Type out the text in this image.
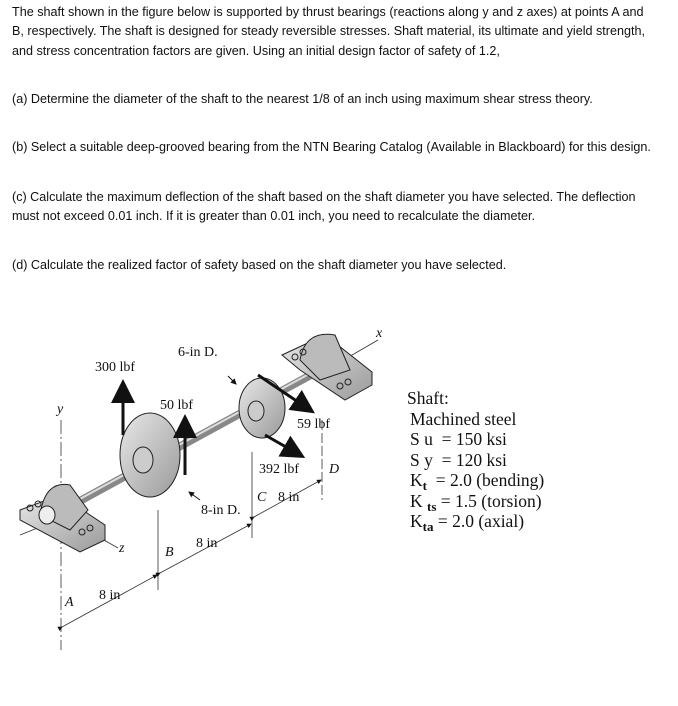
The shaft shown in the figure below is supported by thrust bearings (reactions along y and z axes) at points A and B, respectively. The shaft is designed for steady reversible stresses. Shaft material, its ultimate and yield strength, and stress concentration factors are given. Using an initial design factor of safety of 1.2,

(a) Determine the diameter of the shaft to the nearest 1/8 of an inch using maximum shear stress theory.

(b) Select a suitable deep-grooved bearing from the NTN Bearing Catalog (Available in Blackboard) for this design.

(c) Calculate the maximum deflection of the shaft based on the shaft diameter you have selected. The deflection must not exceed 0.01 inch. If it is greater than 0.01 inch, you need to recalculate the diameter.

(d) Calculate the realized factor of safety based on the shaft diameter you have selected.

6-in D.
300 lbf
50 lbf
59 lbf
392 lbf D
C 8 in
8-in D.
B
8 in
A 8 in
y
z
x
Shaft:
Machined steel
S u = 150 ksi
S y = 120 ksi
$K_t = 2.0$ (bending)
K $_{ts}$ = 1.5 (torsion)
$K_{ta} = 2.0$ (axial)
